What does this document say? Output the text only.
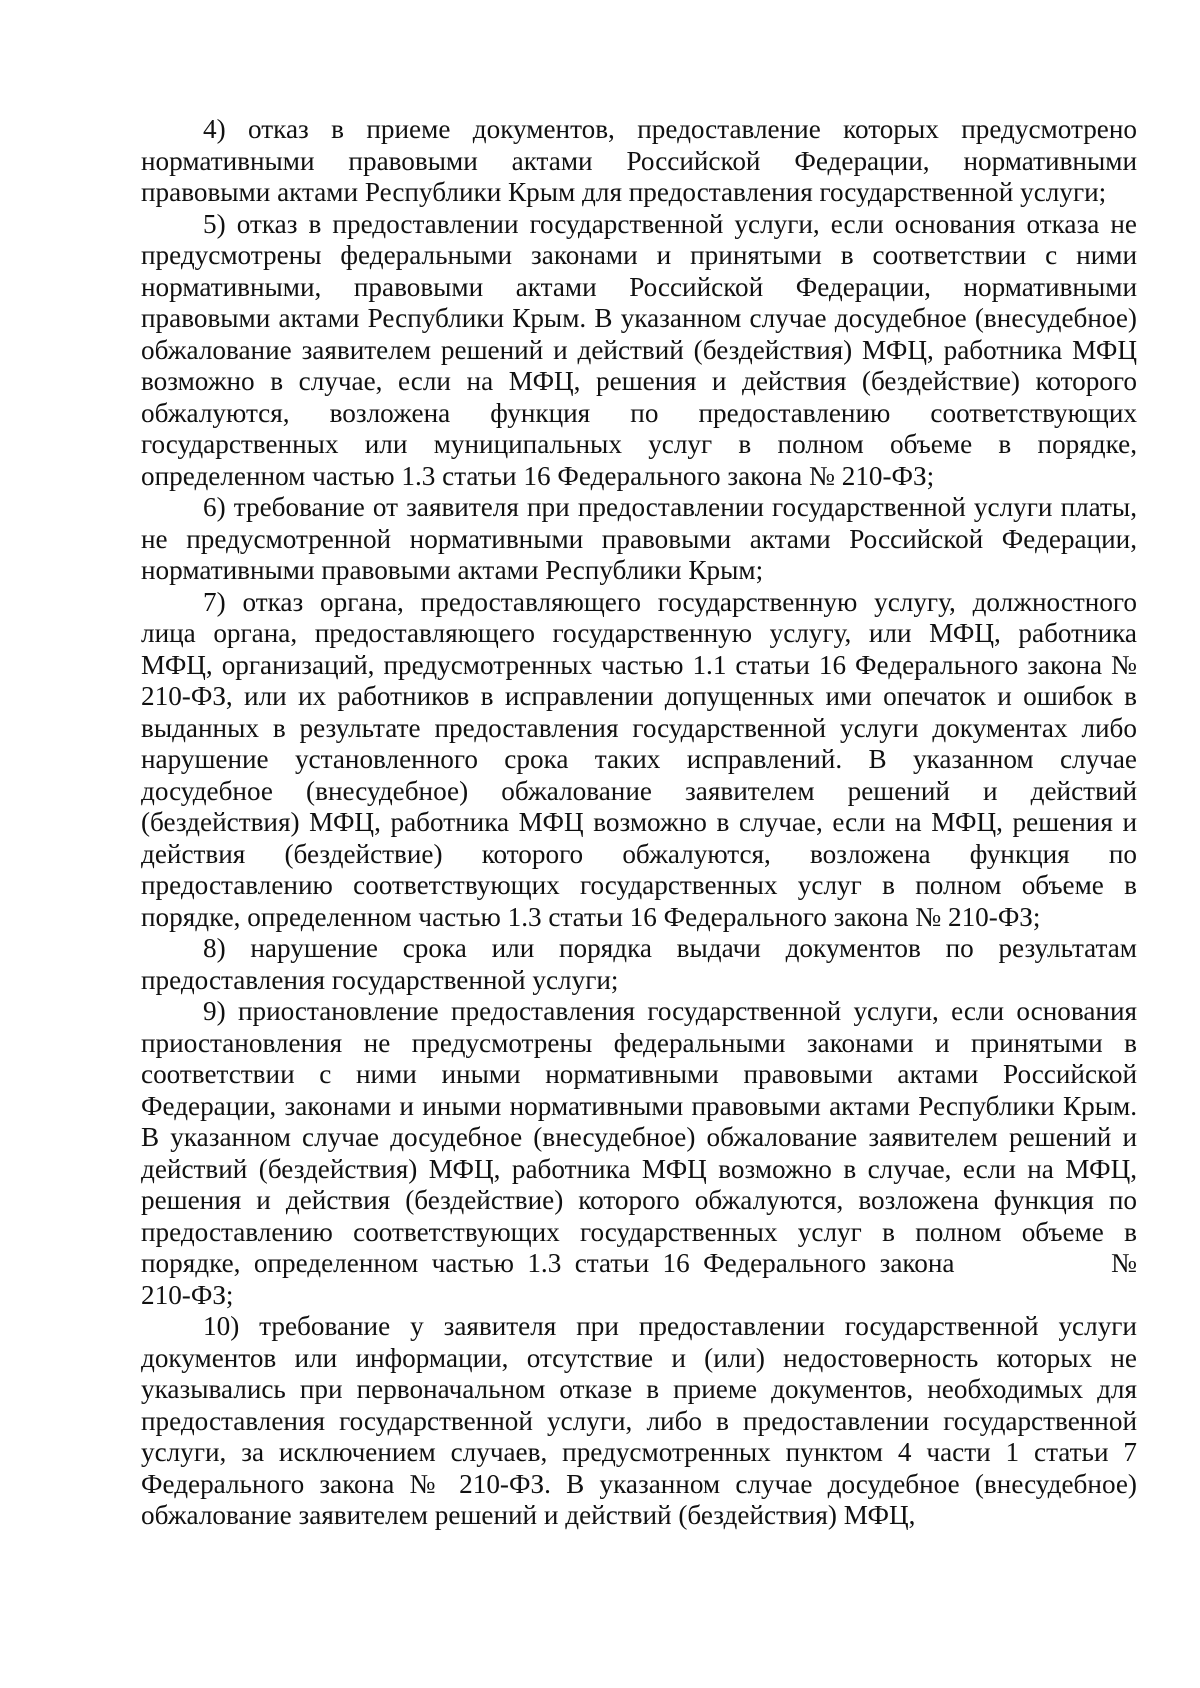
4) отказ в приеме документов, предоставление которых предусмотрено нормативными правовыми актами Российской Федерации, нормативными правовыми актами Республики Крым для предоставления государственной услуги;

5) отказ в предоставлении государственной услуги, если основания отказа не предусмотрены федеральными законами и принятыми в соответствии с ними нормативными, правовыми актами Российской Федерации, нормативными правовыми актами Республики Крым. В указанном случае досудебное (внесудебное) обжалование заявителем решений и действий (бездействия) МФЦ, работника МФЦ возможно в случае, если на МФЦ, решения и действия (бездействие) которого обжалуются, возложена функция по предоставлению соответствующих государственных или муниципальных услуг в полном объеме в порядке, определенном частью 1.3 статьи 16 Федерального закона № 210-ФЗ;

6) требование от заявителя при предоставлении государственной услуги платы, не предусмотренной нормативными правовыми актами Российской Федерации, нормативными правовыми актами Республики Крым;

7) отказ органа, предоставляющего государственную услугу, должностного лица органа, предоставляющего государственную услугу, или МФЦ, работника МФЦ, организаций, предусмотренных частью 1.1 статьи 16 Федерального закона № 210-ФЗ, или их работников в исправлении допущенных ими опечаток и ошибок в выданных в результате предоставления государственной услуги документах либо нарушение установленного срока таких исправлений. В указанном случае досудебное (внесудебное) обжалование заявителем решений и действий (бездействия) МФЦ, работника МФЦ возможно в случае, если на МФЦ, решения и действия (бездействие) которого обжалуются, возложена функция по предоставлению соответствующих государственных услуг в полном объеме в порядке, определенном частью 1.3 статьи 16 Федерального закона № 210-ФЗ;

8) нарушение срока или порядка выдачи документов по результатам предоставления государственной услуги;

9) приостановление предоставления государственной услуги, если основания приостановления не предусмотрены федеральными законами и принятыми в соответствии с ними иными нормативными правовыми актами Российской Федерации, законами и иными нормативными правовыми актами Республики Крым. В указанном случае досудебное (внесудебное) обжалование заявителем решений и действий (бездействия) МФЦ, работника МФЦ возможно в случае, если на МФЦ, решения и действия (бездействие) которого обжалуются, возложена функция по предоставлению соответствующих государственных услуг в полном объеме в порядке, определенном частью 1.3 статьи 16 Федерального закона	№ 210-ФЗ;

10) требование у заявителя при предоставлении государственной услуги документов или информации, отсутствие и (или) недостоверность которых не указывались при первоначальном отказе в приеме документов, необходимых для предоставления государственной услуги, либо в предоставлении государственной услуги, за исключением случаев, предусмотренных пунктом 4 части 1 статьи 7 Федерального закона № 210-ФЗ. В указанном случае досудебное (внесудебное) обжалование заявителем решений и действий (бездействия) МФЦ,
